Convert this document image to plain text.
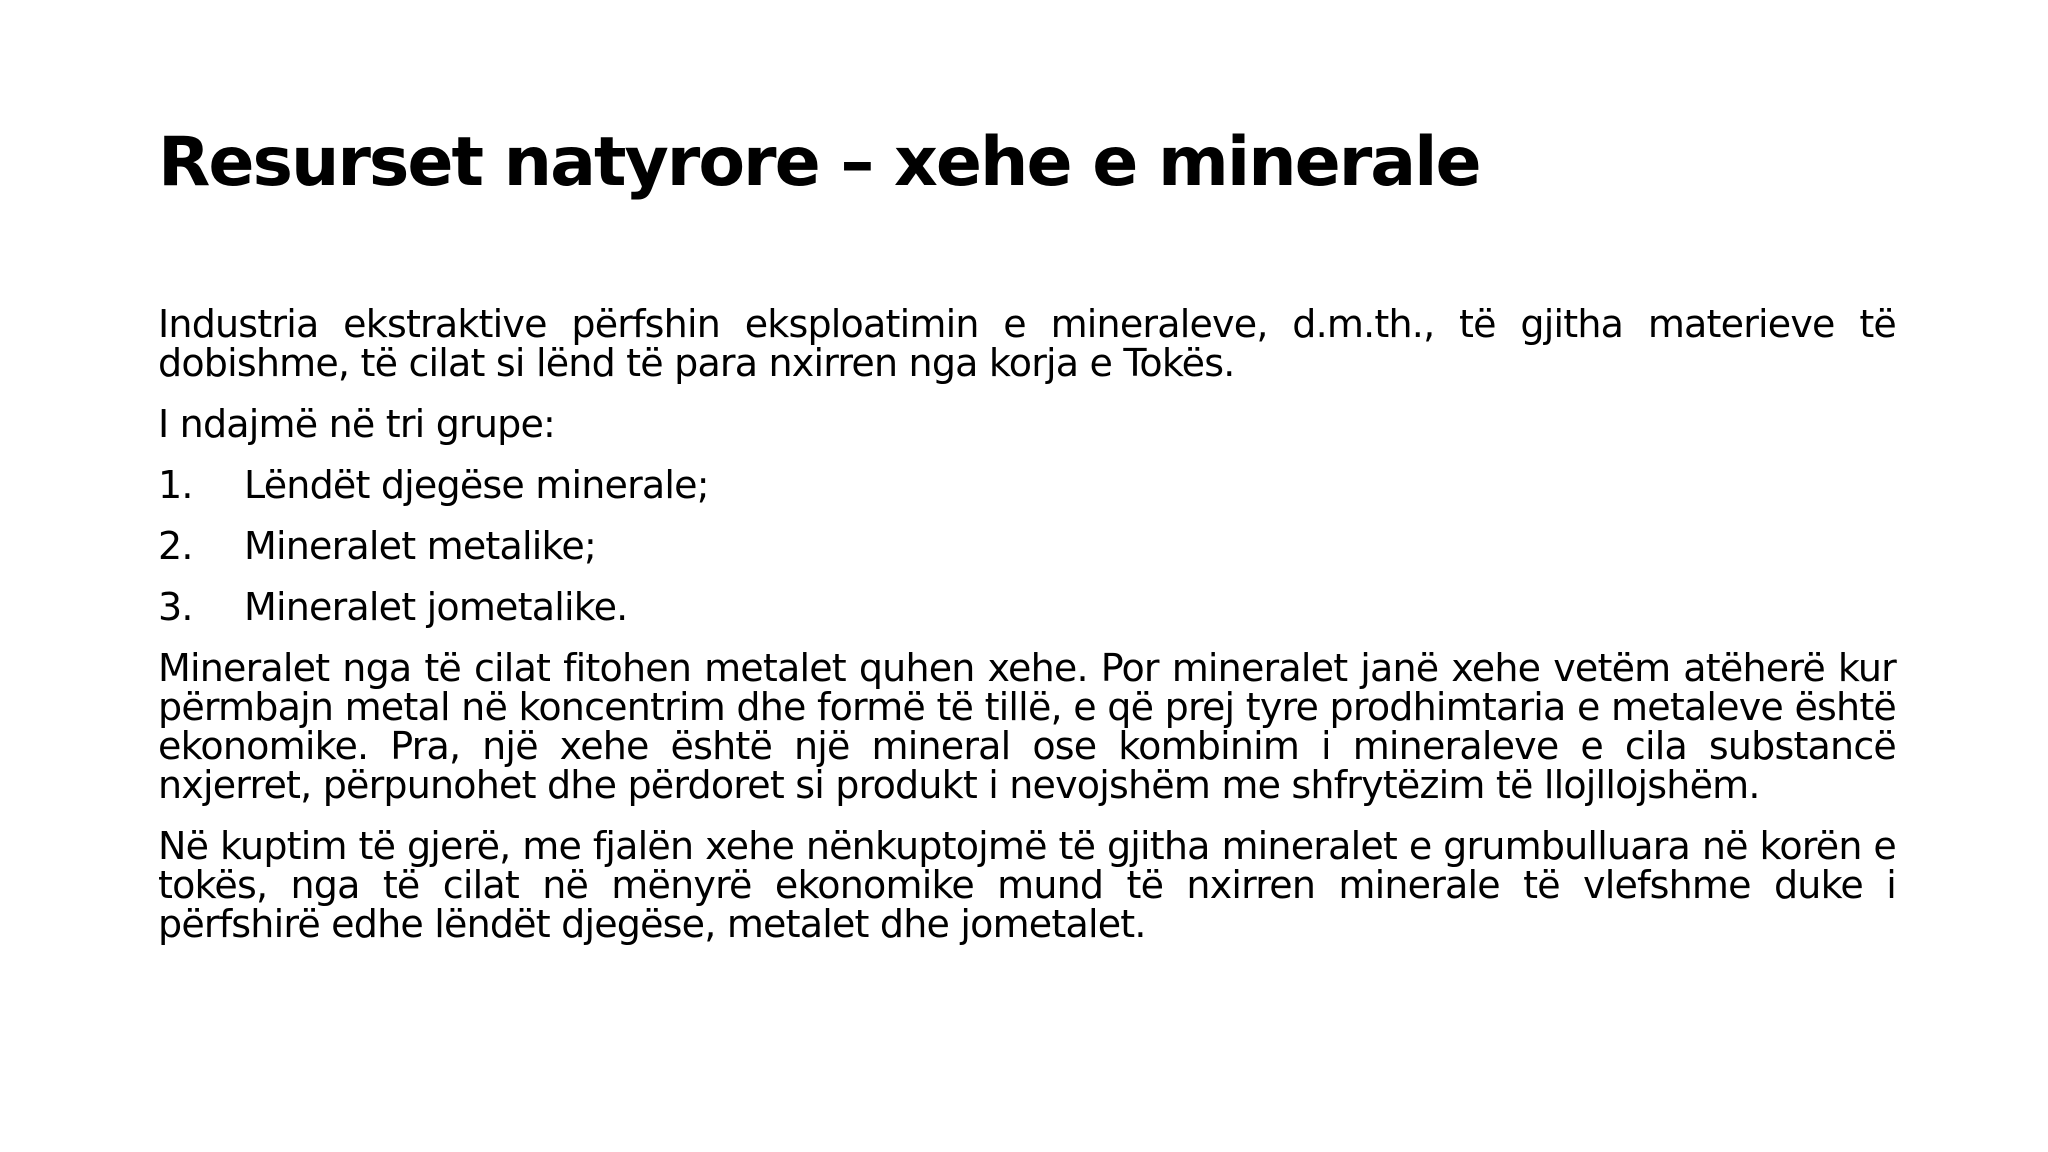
Resurset natyrore – xehe e minerale

Industria ekstraktive përfshin eksploatimin e mineraleve, d.m.th., të gjitha materieve të dobishme, të cilat si lënd të para nxirren nga korja e Tokës.

I ndajmë në tri grupe:

1.	Lëndët djegëse minerale;
2.	Mineralet metalike;
3.	Mineralet jometalike.

Mineralet nga të cilat fitohen metalet quhen xehe. Por mineralet janë xehe vetëm atëherë kur përmbajn metal në koncentrim dhe formë të tillë, e që prej tyre prodhimtaria e metaleve është ekonomike. Pra, një xehe është një mineral ose kombinim i mineraleve e cila substancë nxjerret, përpunohet dhe përdoret si produkt i nevojshëm me shfrytëzim të llojllojshëm.

Në kuptim të gjerë, me fjalën xehe nënkuptojmë të gjitha mineralet e grumbulluara në korën e tokës, nga të cilat në mënyrë ekonomike mund të nxirren minerale të vlefshme duke i përfshirë edhe lëndët djegëse, metalet dhe jometalet.
